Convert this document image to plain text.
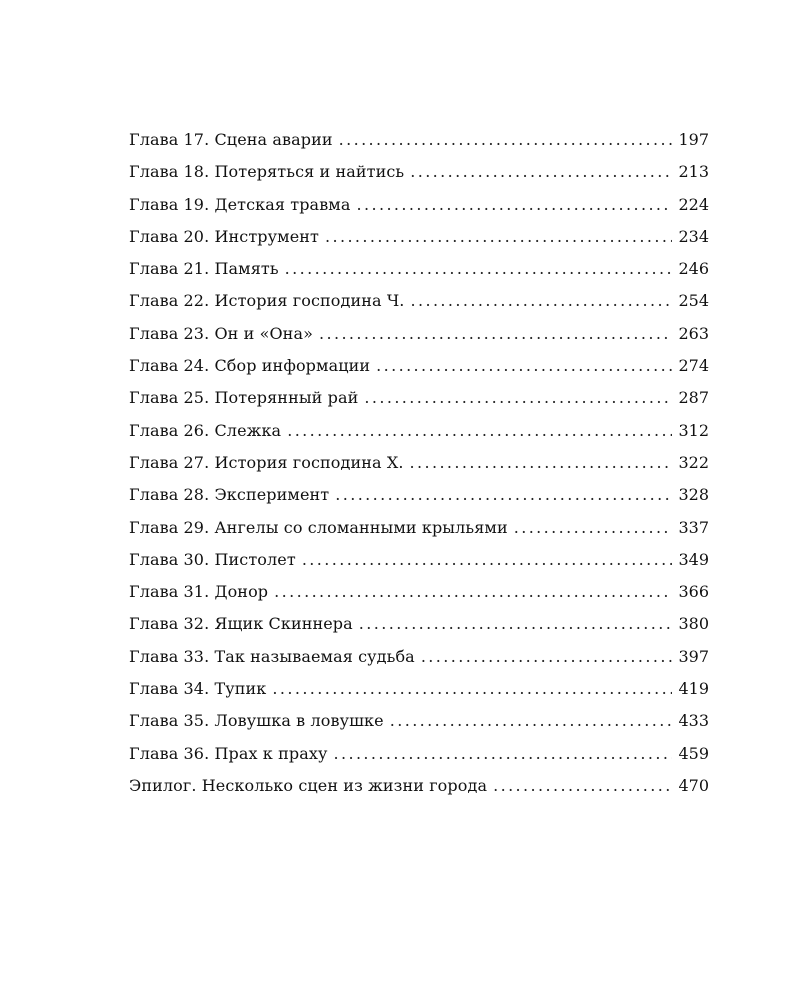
Глава 17. Сцена аварии .....	197
Глава 18. Потеряться и найтись .....	213
Глава 19. Детская травма .....	224
Глава 20. Инструмент .....	234
Глава 21. Память .....	246
Глава 22. История господина Ч. .....	254
Глава 23. Он и «Она» .....	263
Глава 24. Сбор информации .....	274
Глава 25. Потерянный рай .....	287
Глава 26. Слежка .....	312
Глава 27. История господина Х. .....	322
Глава 28. Эксперимент .....	328
Глава 29. Ангелы со сломанными крыльями .....	337
Глава 30. Пистолет .....	349
Глава 31. Донор .....	366
Глава 32. Ящик Скиннера .....	380
Глава 33. Так называемая судьба .....	397
Глава 34. Тупик .....	419
Глава 35. Ловушка в ловушке .....	433
Глава 36. Прах к праху .....	459
Эпилог. Несколько сцен из жизни города .....	470
